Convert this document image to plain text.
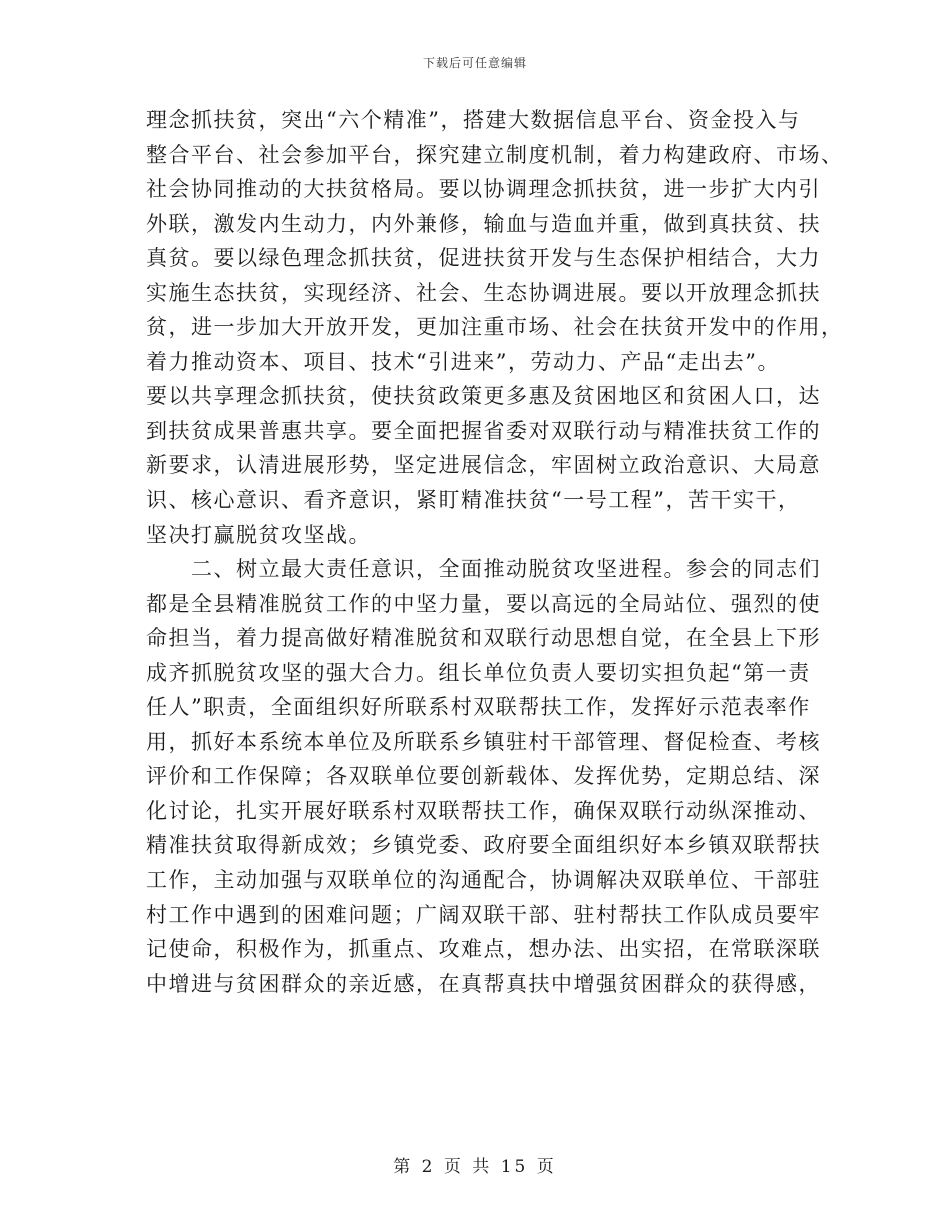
下载后可任意编辑
理念抓扶贫，突出“六个精准”，搭建大数据信息平台、资金投入与
整合平台、社会参加平台，探究建立制度机制，着力构建政府、市场、
社会协同推动的大扶贫格局。要以协调理念抓扶贫，进一步扩大内引
外联，激发内生动力，内外兼修，输血与造血并重，做到真扶贫、扶
真贫。要以绿色理念抓扶贫，促进扶贫开发与生态保护相结合，大力
实施生态扶贫，实现经济、社会、生态协调进展。要以开放理念抓扶
贫，进一步加大开放开发，更加注重市场、社会在扶贫开发中的作用，
着力推动资本、项目、技术“引进来”，劳动力、产品“走出去”。
要以共享理念抓扶贫，使扶贫政策更多惠及贫困地区和贫困人口，达
到扶贫成果普惠共享。要全面把握省委对双联行动与精准扶贫工作的
新要求，认清进展形势，坚定进展信念，牢固树立政治意识、大局意
识、核心意识、看齐意识，紧盯精准扶贫“一号工程”，苦干实干，
坚决打赢脱贫攻坚战。
　　二、树立最大责任意识，全面推动脱贫攻坚进程。参会的同志们
都是全县精准脱贫工作的中坚力量，要以高远的全局站位、强烈的使
命担当，着力提高做好精准脱贫和双联行动思想自觉，在全县上下形
成齐抓脱贫攻坚的强大合力。组长单位负责人要切实担负起“第一责
任人”职责，全面组织好所联系村双联帮扶工作，发挥好示范表率作
用，抓好本系统本单位及所联系乡镇驻村干部管理、督促检查、考核
评价和工作保障；各双联单位要创新载体、发挥优势，定期总结、深
化讨论，扎实开展好联系村双联帮扶工作，确保双联行动纵深推动、
精准扶贫取得新成效；乡镇党委、政府要全面组织好本乡镇双联帮扶
工作，主动加强与双联单位的沟通配合，协调解决双联单位、干部驻
村工作中遇到的困难问题；广阔双联干部、驻村帮扶工作队成员要牢
记使命，积极作为，抓重点、攻难点，想办法、出实招，在常联深联
中增进与贫困群众的亲近感，在真帮真扶中增强贫困群众的获得感，
第 2 页 共 15 页
